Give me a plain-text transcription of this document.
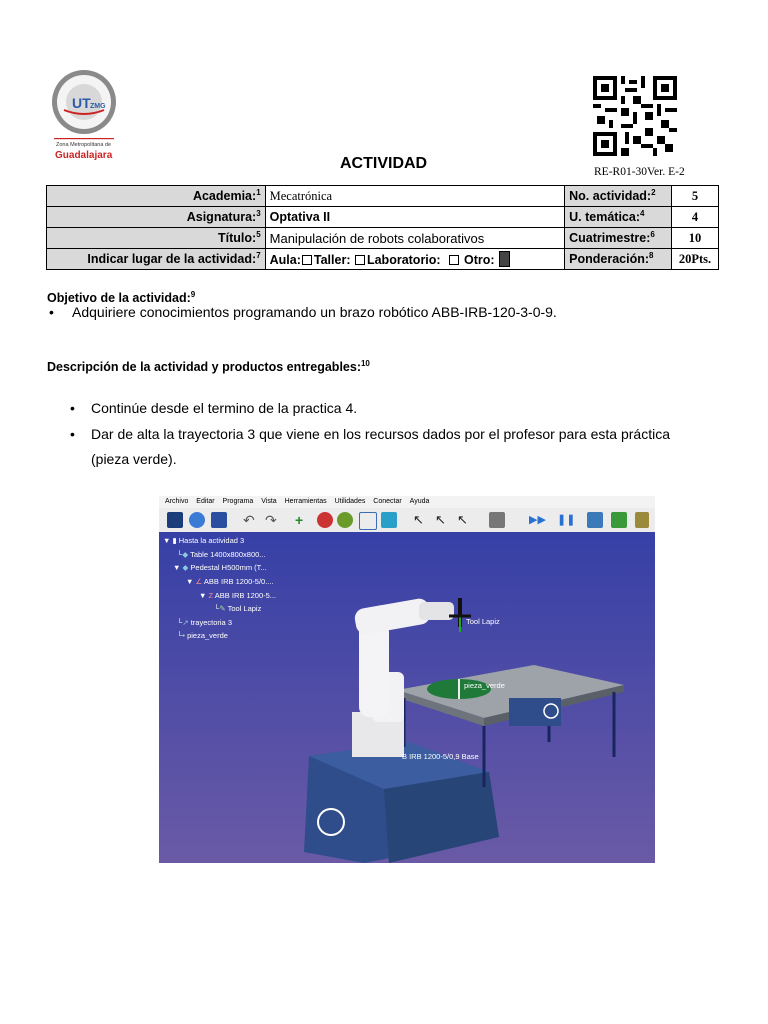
UT ZMG
Zona Metropolitana de
Guadalajara	ACTIVIDAD	RE-R01-30Ver. E-2
Academia:$^1$	Mecatrónica	No. actividad:$^2$	5
Asignatura:$^3$	Optativa II	U. temática:$^4$	4
Título:$^5$	Manipulación de robots colaborativos	Cuatrimestre:$^6$	10
Indicar lugar de la actividad:$^7$	Aula: Taller: Laboratorio: Otro:	Ponderación:$^8$	20Pts.
Objetivo de la actividad:$^9$
• Adquiriere conocimientos programando un brazo robótico ABB-IRB-120-3-0-9.
Descripción de la actividad y productos entregables:$^{10}$
• Continúe desde el termino de la practica 4.
• Dar de alta la trayectoria 3 que viene en los recursos dados por el profesor para esta práctica
(pieza verde).
Archivo Editar Programa Vista Herramientas Utilidades Conectar Ayuda
↶ ↷	+	↖ ↖ ↖	▶▶ ❚❚
▼ ▮ Hasta la actividad 3
└◆ Table 1400x800x800...
▼ ◆ Pedestal H500mm (T...
▼ ∠ ABB IRB 1200-5/0....
▼ Z ABB IRB 1200-5...
└✎ Tool Lapiz
└↗ trayectoria 3
└• pieza_verde
Tool Lapiz
pieza_verde
B IRB 1200-5/0,9 Base
